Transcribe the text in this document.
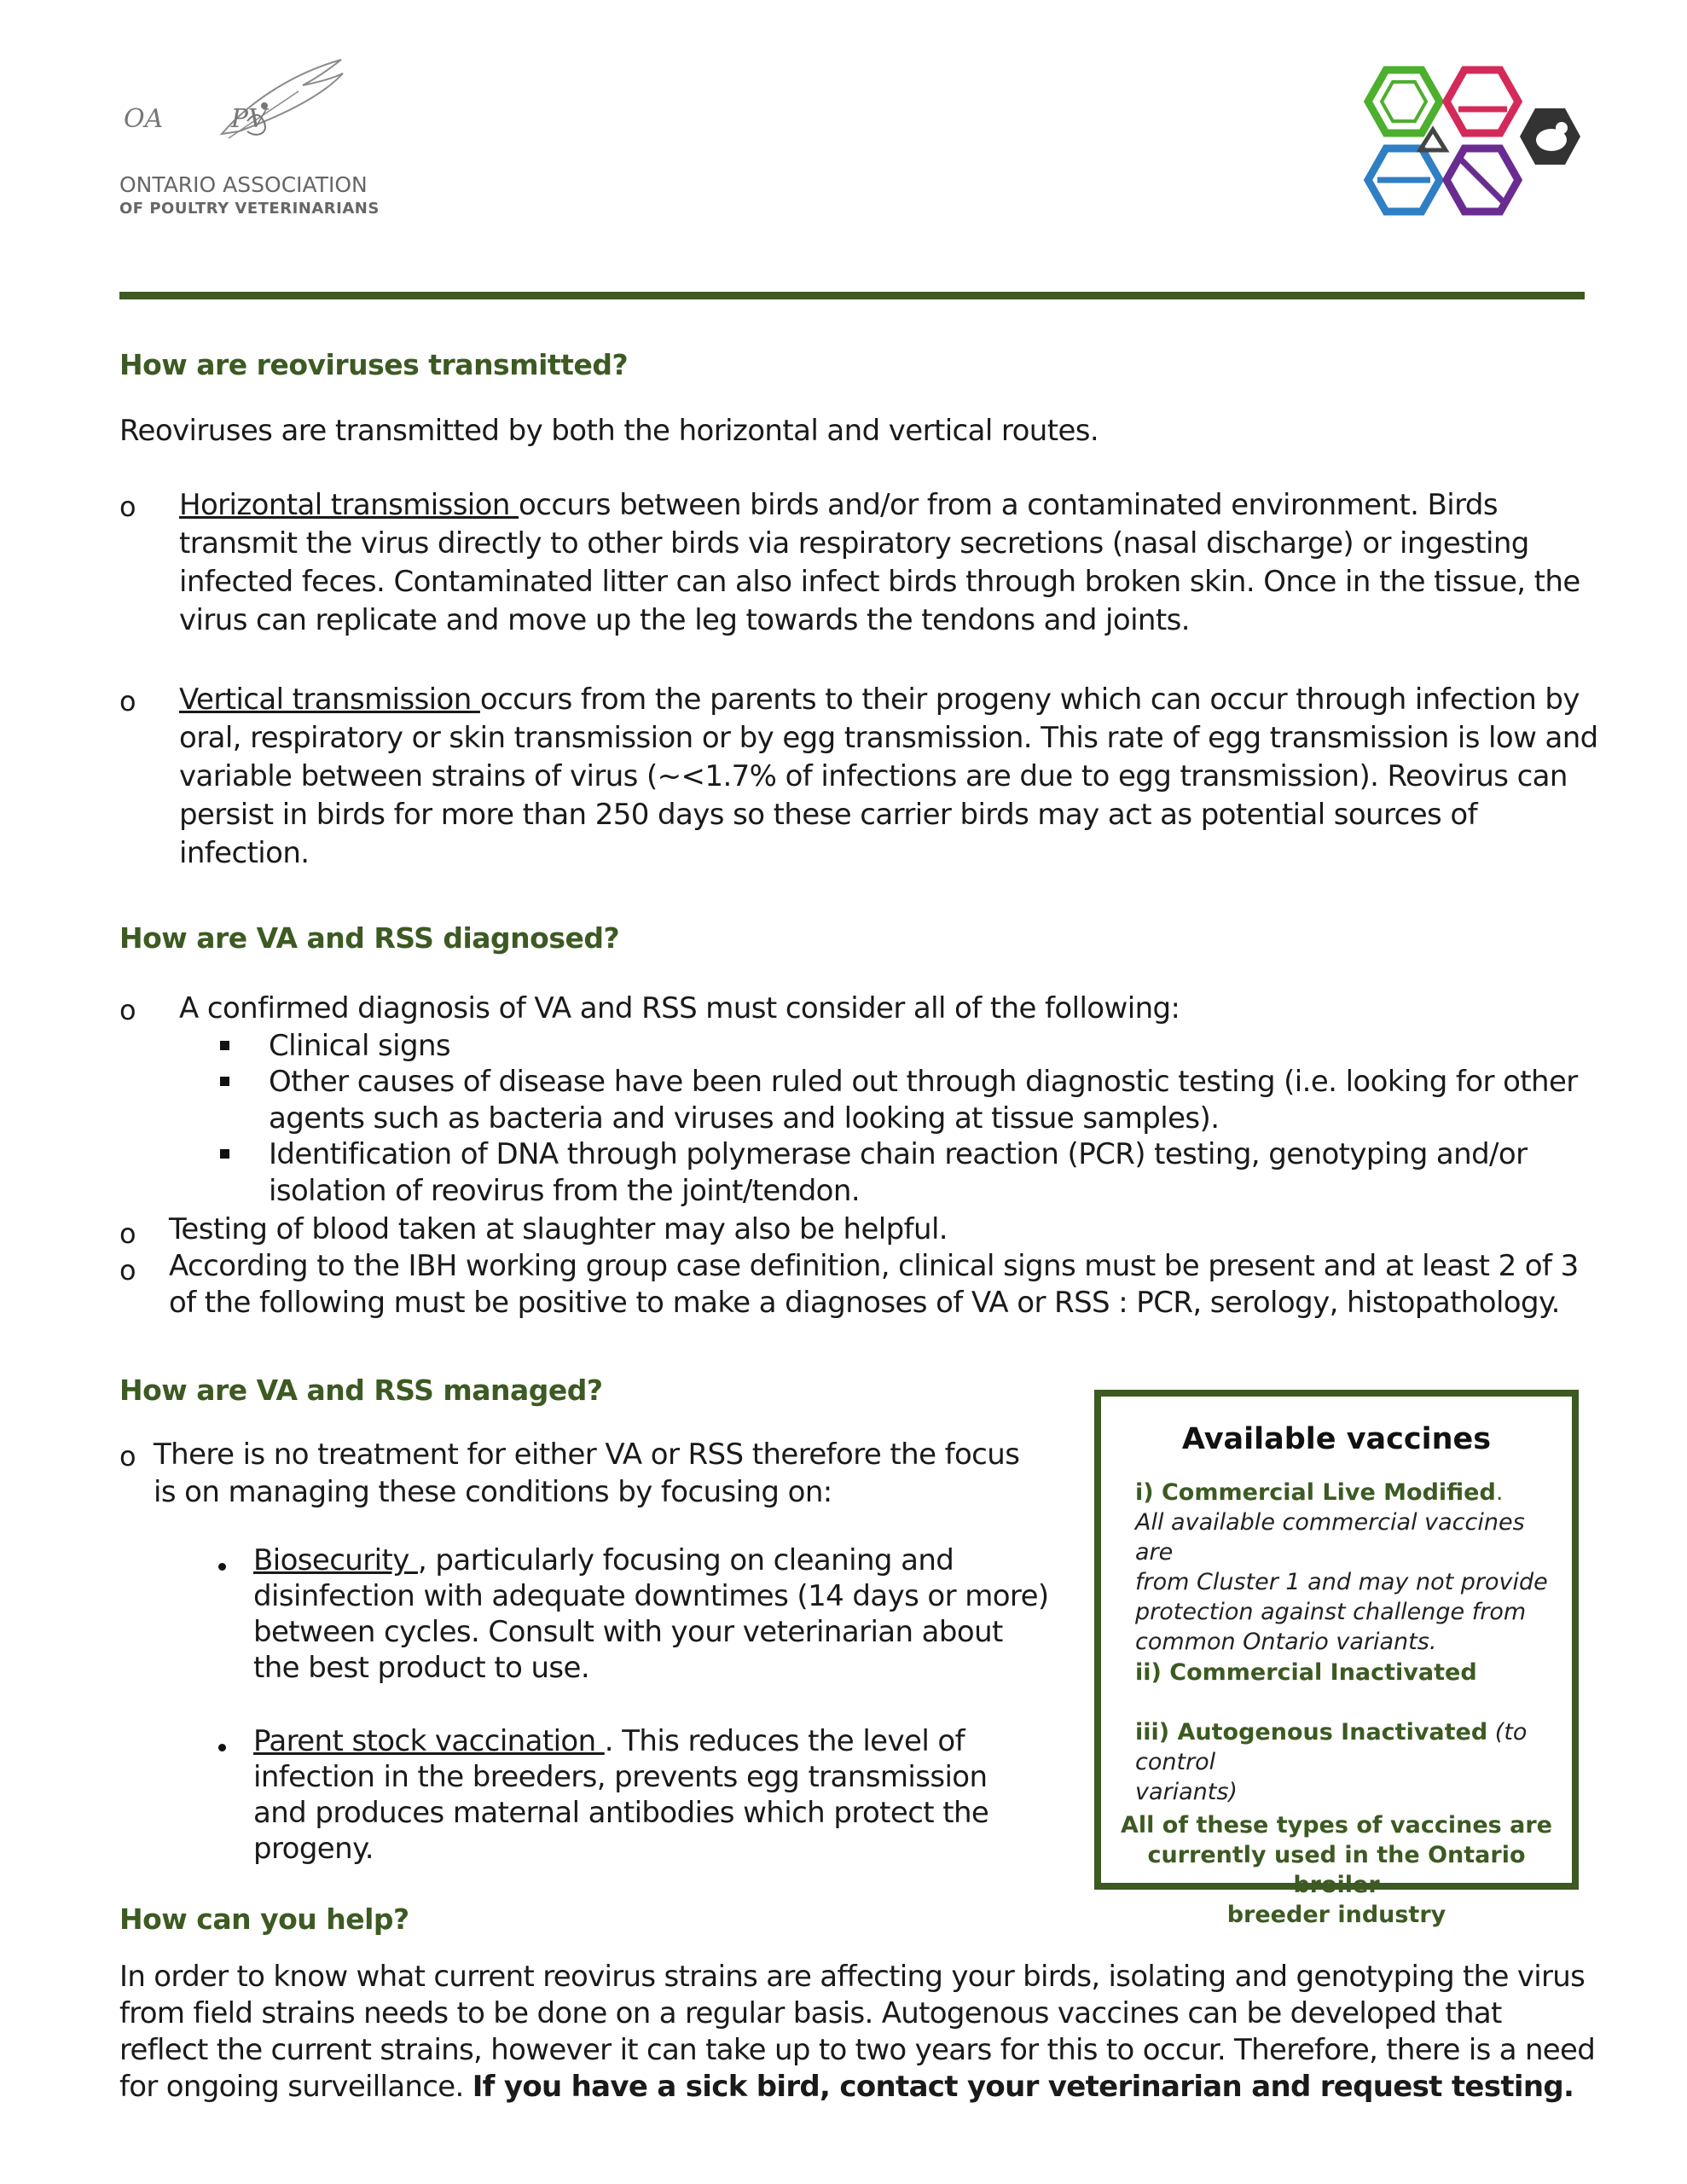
OA PV
ONTARIO ASSOCIATION
OF POULTRY VETERINARIANS
How are reoviruses transmitted?
Reoviruses are transmitted by both the horizontal and vertical routes.
o Horizontal transmission occurs between birds and/or from a contaminated environment. Birds
transmit the virus directly to other birds via respiratory secretions (nasal discharge) or ingesting
infected feces. Contaminated litter can also infect birds through broken skin. Once in the tissue, the
virus can replicate and move up the leg towards the tendons and joints.
o Vertical transmission occurs from the parents to their progeny which can occur through infection by
oral, respiratory or skin transmission or by egg transmission. This rate of egg transmission is low and
variable between strains of virus (~<1.7% of infections are due to egg transmission). Reovirus can
persist in birds for more than 250 days so these carrier birds may act as potential sources of
infection.
How are VA and RSS diagnosed?
o A confirmed diagnosis of VA and RSS must consider all of the following:
Clinical signs
Other causes of disease have been ruled out through diagnostic testing (i.e. looking for other
agents such as bacteria and viruses and looking at tissue samples).
Identification of DNA through polymerase chain reaction (PCR) testing, genotyping and/or
isolation of reovirus from the joint/tendon.
o Testing of blood taken at slaughter may also be helpful.
o According to the IBH working group case definition, clinical signs must be present and at least 2 of 3
of the following must be positive to make a diagnoses of VA or RSS : PCR, serology, histopathology.
How are VA and RSS managed?
o There is no treatment for either VA or RSS therefore the focus
is on managing these conditions by focusing on:
Biosecurity , particularly focusing on cleaning and
disinfection with adequate downtimes (14 days or more)
between cycles. Consult with your veterinarian about
the best product to use.
Parent stock vaccination . This reduces the level of
infection in the breeders, prevents egg transmission
and produces maternal antibodies which protect the
progeny.
Available vaccines
i) Commercial Live Modified.
All available commercial vaccines are
from Cluster 1 and may not provide
protection against challenge from
common Ontario variants.
ii) Commercial Inactivated
iii) Autogenous Inactivated (to control
variants)
All of these types of vaccines are
currently used in the Ontario broiler
breeder industry
How can you help?
In order to know what current reovirus strains are affecting your birds, isolating and genotyping the virus
from field strains needs to be done on a regular basis. Autogenous vaccines can be developed that
reflect the current strains, however it can take up to two years for this to occur. Therefore, there is a need
for ongoing surveillance. If you have a sick bird, contact your veterinarian and request testing.
